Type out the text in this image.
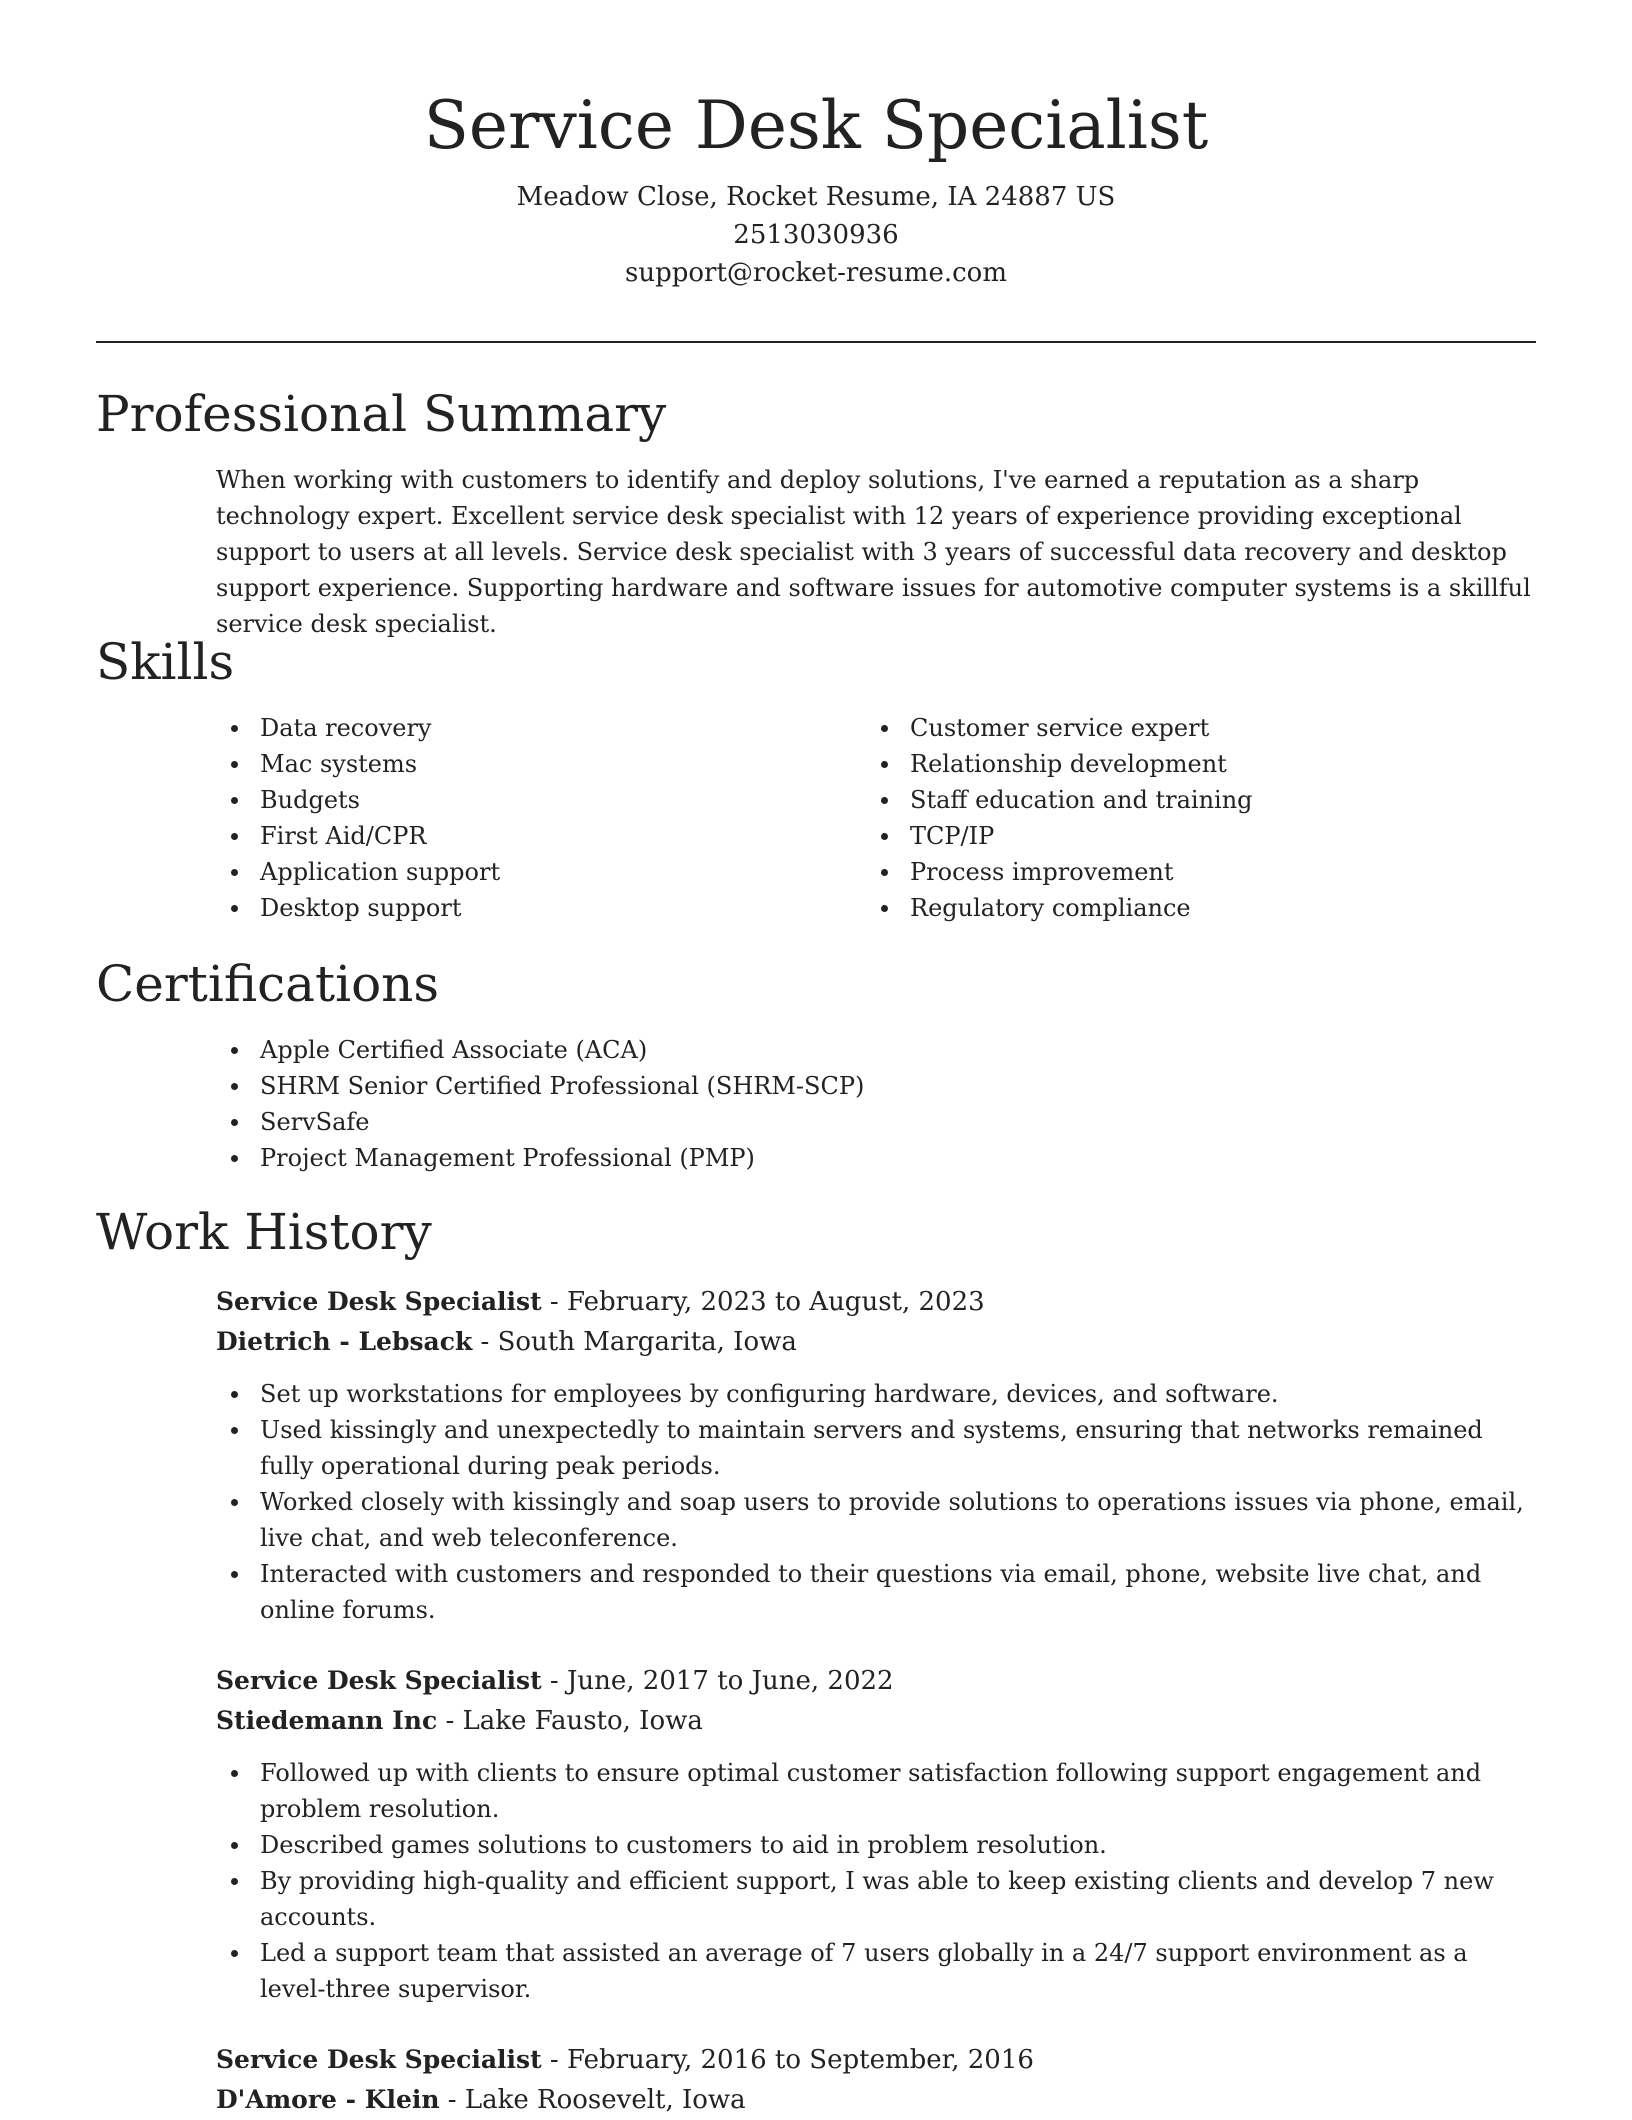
Service Desk Specialist

Meadow Close, Rocket Resume, IA 24887 US

2513030936

support@rocket-resume.com

Professional Summary

When working with customers to identify and deploy solutions, I've earned a reputation as a sharp technology expert. Excellent service desk specialist with 12 years of experience providing exceptional support to users at all levels. Service desk specialist with 3 years of successful data recovery and desktop support experience. Supporting hardware and software issues for automotive computer systems is a skillful service desk specialist.

Skills
Data recovery
Mac systems
Budgets
First Aid/CPR
Application support
Desktop support
Customer service expert
Relationship development
Staff education and training
TCP/IP
Process improvement
Regulatory compliance
Certifications
Apple Certified Associate (ACA)
SHRM Senior Certified Professional (SHRM-SCP)
ServSafe
Project Management Professional (PMP)
Work History

Service Desk Specialist - February, 2023 to August, 2023

Dietrich - Lebsack - South Margarita, Iowa

Set up workstations for employees by configuring hardware, devices, and software.
Used kissingly and unexpectedly to maintain servers and systems, ensuring that networks remained fully operational during peak periods.
Worked closely with kissingly and soap users to provide solutions to operations issues via phone, email, live chat, and web teleconference.
Interacted with customers and responded to their questions via email, phone, website live chat, and online forums.

Service Desk Specialist - June, 2017 to June, 2022

Stiedemann Inc - Lake Fausto, Iowa

Followed up with clients to ensure optimal customer satisfaction following support engagement and problem resolution.
Described games solutions to customers to aid in problem resolution.
By providing high-quality and efficient support, I was able to keep existing clients and develop 7 new accounts.
Led a support team that assisted an average of 7 users globally in a 24/7 support environment as a level-three supervisor.

Service Desk Specialist - February, 2016 to September, 2016

D'Amore - Klein - Lake Roosevelt, Iowa
